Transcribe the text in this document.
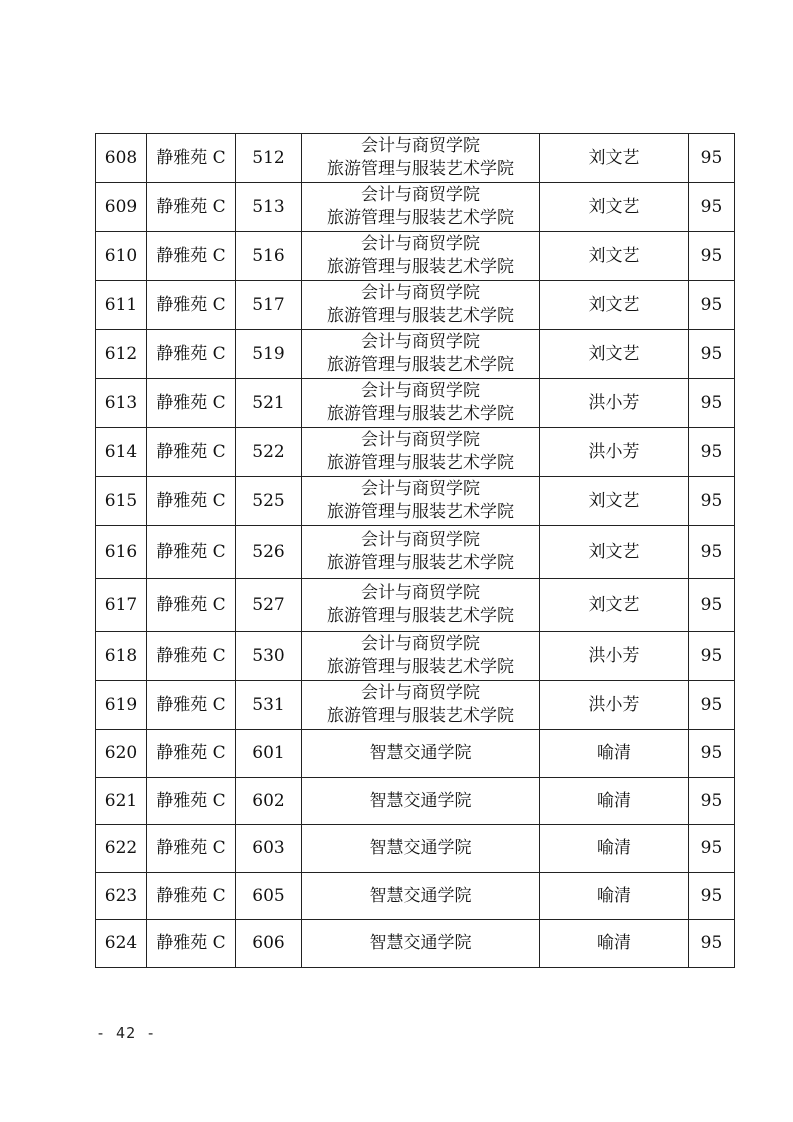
608	静雅苑 C	512	会计与商贸学院
旅游管理与服装艺术学院	刘文艺	95
609	静雅苑 C	513	会计与商贸学院
旅游管理与服装艺术学院	刘文艺	95
610	静雅苑 C	516	会计与商贸学院
旅游管理与服装艺术学院	刘文艺	95
611	静雅苑 C	517	会计与商贸学院
旅游管理与服装艺术学院	刘文艺	95
612	静雅苑 C	519	会计与商贸学院
旅游管理与服装艺术学院	刘文艺	95
613	静雅苑 C	521	会计与商贸学院
旅游管理与服装艺术学院	洪小芳	95
614	静雅苑 C	522	会计与商贸学院
旅游管理与服装艺术学院	洪小芳	95
615	静雅苑 C	525	会计与商贸学院
旅游管理与服装艺术学院	刘文艺	95
616	静雅苑 C	526	会计与商贸学院
旅游管理与服装艺术学院	刘文艺	95
617	静雅苑 C	527	会计与商贸学院
旅游管理与服装艺术学院	刘文艺	95
618	静雅苑 C	530	会计与商贸学院
旅游管理与服装艺术学院	洪小芳	95
619	静雅苑 C	531	会计与商贸学院
旅游管理与服装艺术学院	洪小芳	95
620	静雅苑 C	601	智慧交通学院	喻清	95
621	静雅苑 C	602	智慧交通学院	喻清	95
622	静雅苑 C	603	智慧交通学院	喻清	95
623	静雅苑 C	605	智慧交通学院	喻清	95
624	静雅苑 C	606	智慧交通学院	喻清	95
- 42 -
